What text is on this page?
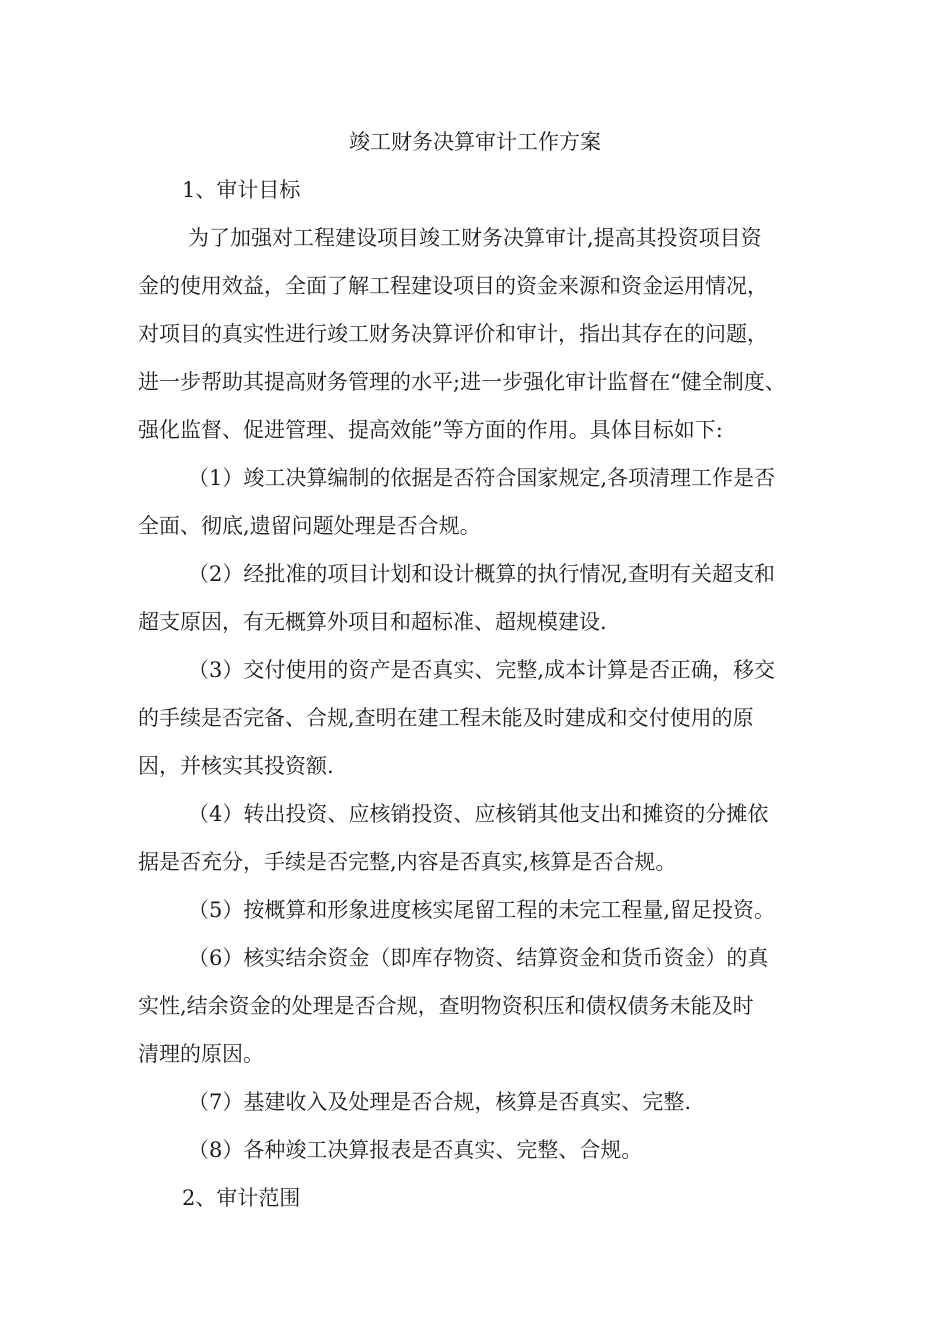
竣工财务决算审计工作方案
1、审计目标
为了加强对工程建设项目竣工财务决算审计,提高其投资项目资
金的使用效益，全面了解工程建设项目的资金来源和资金运用情况，
对项目的真实性进行竣工财务决算评价和审计，指出其存在的问题，
进一步帮助其提高财务管理的水平;进一步强化审计监督在“健全制度、
强化监督、促进管理、提高效能”等方面的作用。具体目标如下:
（1）竣工决算编制的依据是否符合国家规定,各项清理工作是否
全面、彻底,遗留问题处理是否合规。
（2）经批准的项目计划和设计概算的执行情况,查明有关超支和
超支原因，有无概算外项目和超标准、超规模建设.
（3）交付使用的资产是否真实、完整,成本计算是否正确，移交
的手续是否完备、合规,查明在建工程未能及时建成和交付使用的原
因，并核实其投资额.
（4）转出投资、应核销投资、应核销其他支出和摊资的分摊依
据是否充分，手续是否完整,内容是否真实,核算是否合规。
（5）按概算和形象进度核实尾留工程的未完工程量,留足投资。
（6）核实结余资金（即库存物资、结算资金和货币资金）的真
实性,结余资金的处理是否合规，查明物资积压和债权债务未能及时
清理的原因。
（7）基建收入及处理是否合规，核算是否真实、完整.
（8）各种竣工决算报表是否真实、完整、合规。
2、审计范围
